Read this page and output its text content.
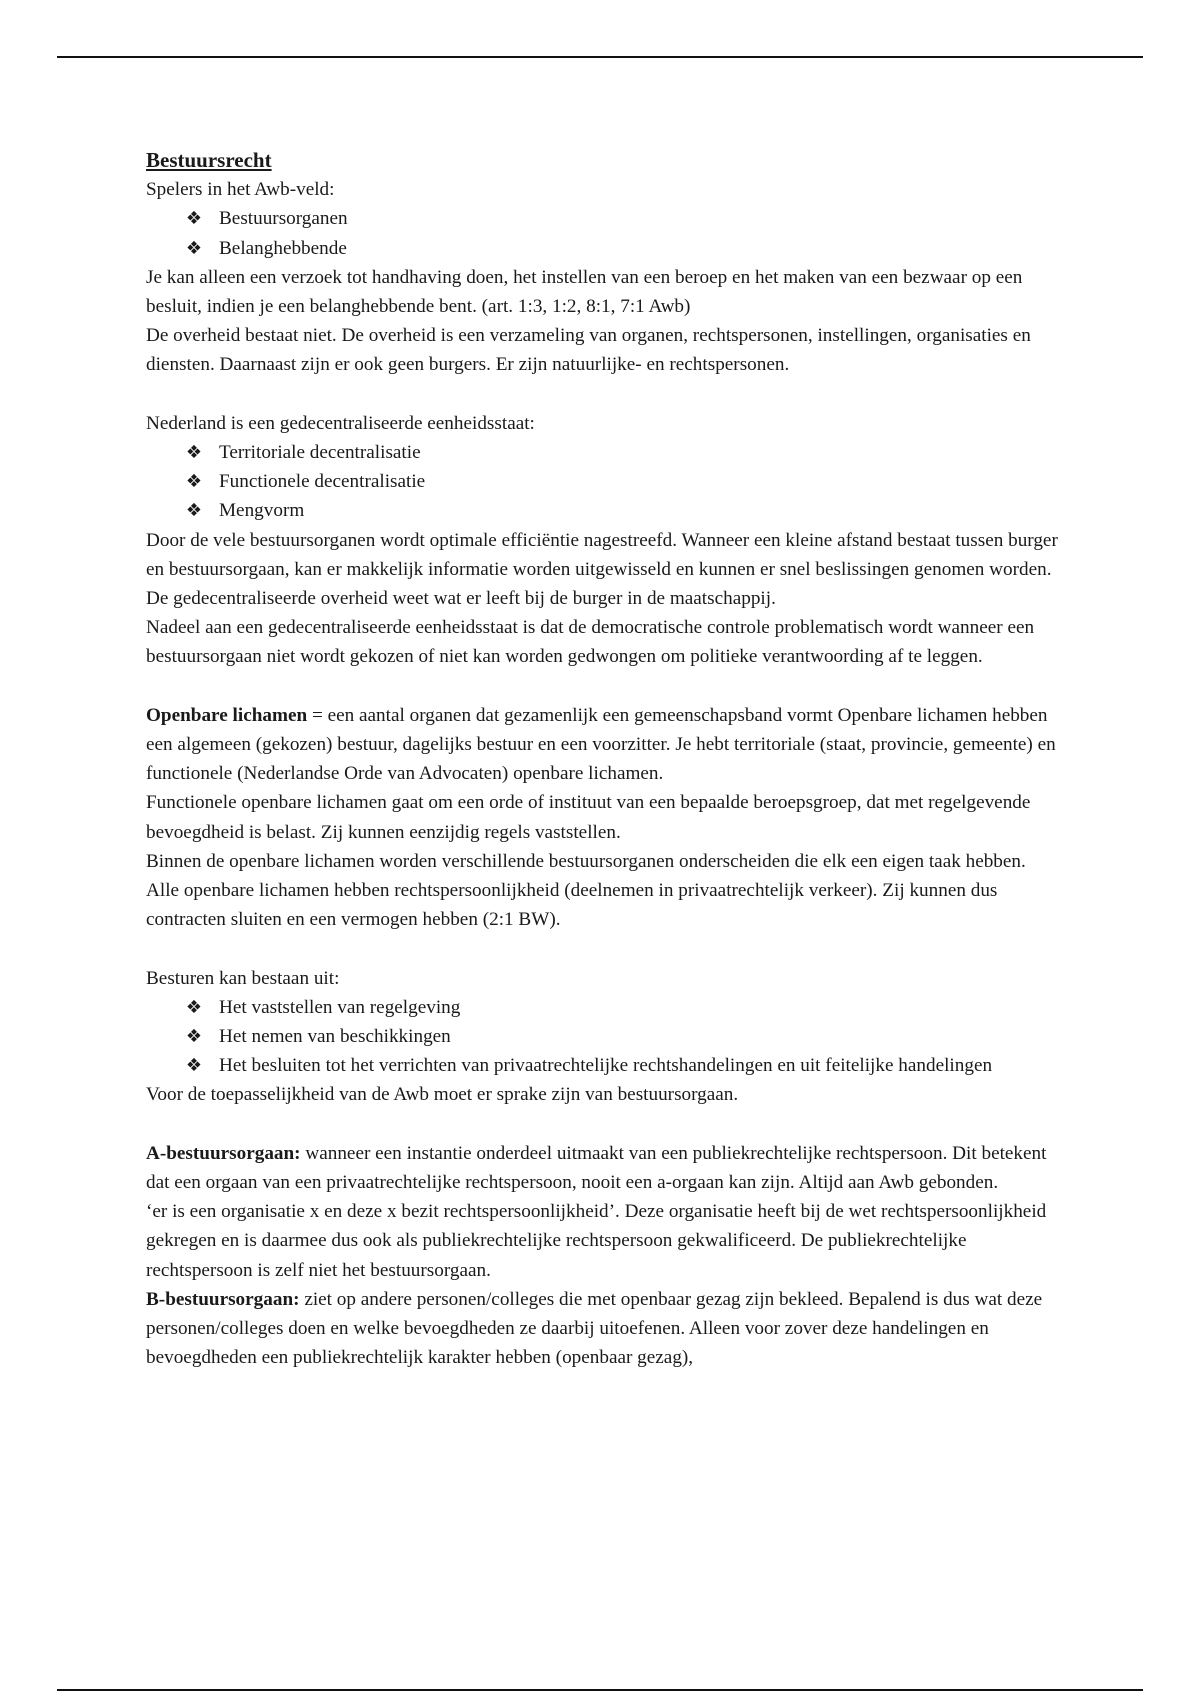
Bestuursrecht

Spelers in het Awb-veld:

❖ Bestuursorganen
❖ Belanghebbende

Je kan alleen een verzoek tot handhaving doen, het instellen van een beroep en het maken van een bezwaar op een besluit, indien je een belanghebbende bent. (art. 1:3, 1:2, 8:1, 7:1 Awb)

De overheid bestaat niet. De overheid is een verzameling van organen, rechtspersonen, instellingen, organisaties en diensten. Daarnaast zijn er ook geen burgers. Er zijn natuurlijke- en rechtspersonen.

Nederland is een gedecentraliseerde eenheidsstaat:

❖ Territoriale decentralisatie
❖ Functionele decentralisatie
❖ Mengvorm

Door de vele bestuursorganen wordt optimale efficiëntie nagestreefd. Wanneer een kleine afstand bestaat tussen burger en bestuursorgaan, kan er makkelijk informatie worden uitgewisseld en kunnen er snel beslissingen genomen worden. De gedecentraliseerde overheid weet wat er leeft bij de burger in de maatschappij.

Nadeel aan een gedecentraliseerde eenheidsstaat is dat de democratische controle problematisch wordt wanneer een bestuursorgaan niet wordt gekozen of niet kan worden gedwongen om politieke verantwoording af te leggen.

Openbare lichamen = een aantal organen dat gezamenlijk een gemeenschapsband vormt Openbare lichamen hebben een algemeen (gekozen) bestuur, dagelijks bestuur en een voorzitter. Je hebt territoriale (staat, provincie, gemeente) en functionele (Nederlandse Orde van Advocaten) openbare lichamen.

Functionele openbare lichamen gaat om een orde of instituut van een bepaalde beroepsgroep, dat met regelgevende bevoegdheid is belast. Zij kunnen eenzijdig regels vaststellen.

Binnen de openbare lichamen worden verschillende bestuursorganen onderscheiden die elk een eigen taak hebben.

Alle openbare lichamen hebben rechtspersoonlijkheid (deelnemen in privaatrechtelijk verkeer). Zij kunnen dus contracten sluiten en een vermogen hebben (2:1 BW).

Besturen kan bestaan uit:

❖ Het vaststellen van regelgeving
❖ Het nemen van beschikkingen
❖ Het besluiten tot het verrichten van privaatrechtelijke rechtshandelingen en uit feitelijke handelingen

Voor de toepasselijkheid van de Awb moet er sprake zijn van bestuursorgaan.

A-bestuursorgaan: wanneer een instantie onderdeel uitmaakt van een publiekrechtelijke rechtspersoon. Dit betekent dat een orgaan van een privaatrechtelijke rechtspersoon, nooit een a-orgaan kan zijn. Altijd aan Awb gebonden.

‘er is een organisatie x en deze x bezit rechtspersoonlijkheid’. Deze organisatie heeft bij de wet rechtspersoonlijkheid gekregen en is daarmee dus ook als publiekrechtelijke rechtspersoon gekwalificeerd. De publiekrechtelijke rechtspersoon is zelf niet het bestuursorgaan.

B-bestuursorgaan: ziet op andere personen/colleges die met openbaar gezag zijn bekleed. Bepalend is dus wat deze personen/colleges doen en welke bevoegdheden ze daarbij uitoefenen. Alleen voor zover deze handelingen en bevoegdheden een publiekrechtelijk karakter hebben (openbaar gezag),
